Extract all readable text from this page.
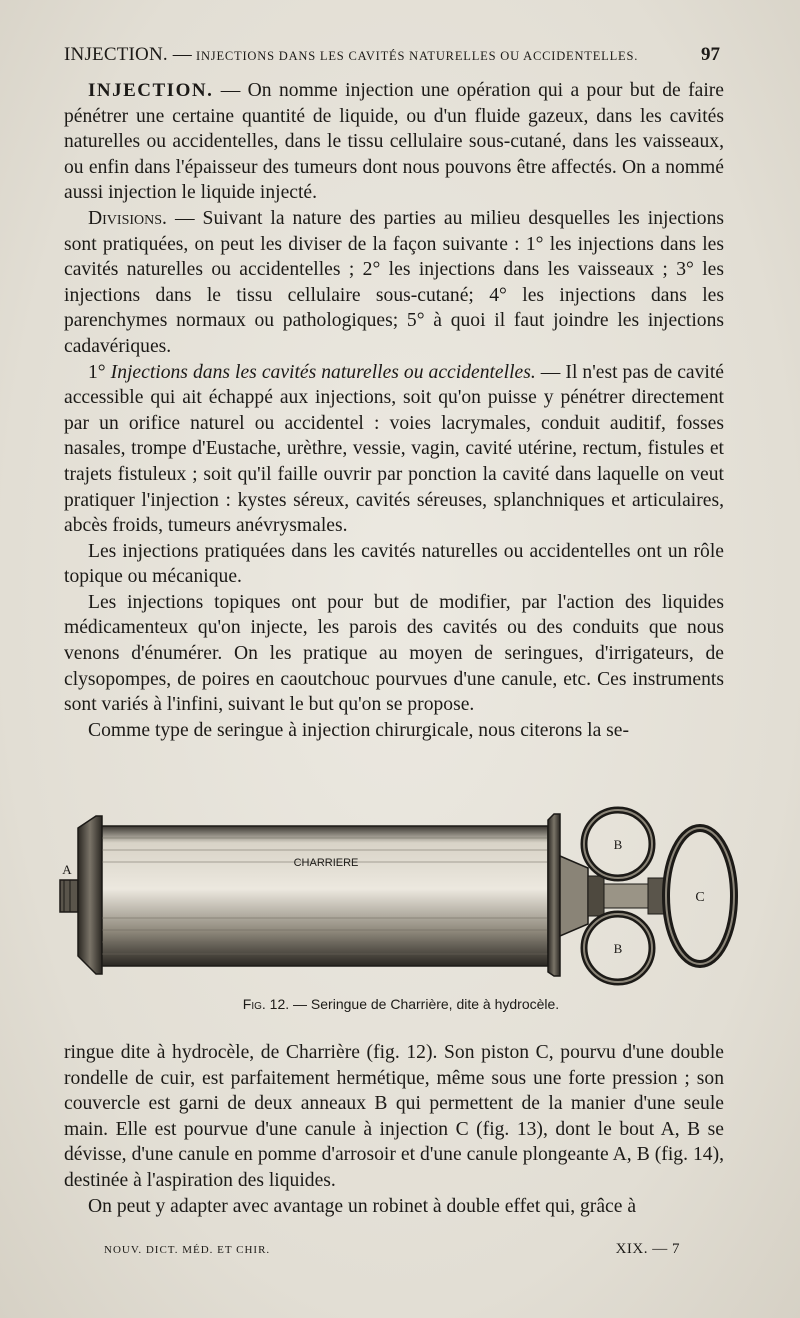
INJECTION. — INJECTIONS DANS LES CAVITÉS NATURELLES OU ACCIDENTELLES.	97

INJECTION. — On nomme injection une opération qui a pour but de faire pénétrer une certaine quantité de liquide, ou d'un fluide gazeux, dans les cavités naturelles ou accidentelles, dans le tissu cellulaire sous-cutané, dans les vaisseaux, ou enfin dans l'épaisseur des tumeurs dont nous pouvons être affectés. On a nommé aussi injection le liquide injecté.

Divisions. — Suivant la nature des parties au milieu desquelles les injections sont pratiquées, on peut les diviser de la façon suivante : 1° les injections dans les cavités naturelles ou accidentelles ; 2° les injections dans les vaisseaux ; 3° les injections dans le tissu cellulaire sous-cutané; 4° les injections dans les parenchymes normaux ou pathologiques; 5° à quoi il faut joindre les injections cadavériques.

1° Injections dans les cavités naturelles ou accidentelles. — Il n'est pas de cavité accessible qui ait échappé aux injections, soit qu'on puisse y pénétrer directement par un orifice naturel ou accidentel : voies lacrymales, conduit auditif, fosses nasales, trompe d'Eustache, urèthre, vessie, vagin, cavité utérine, rectum, fistules et trajets fistuleux ; soit qu'il faille ouvrir par ponction la cavité dans laquelle on veut pratiquer l'injection : kystes séreux, cavités séreuses, splanchniques et articulaires, abcès froids, tumeurs anévrysmales.

Les injections pratiquées dans les cavités naturelles ou accidentelles ont un rôle topique ou mécanique.

Les injections topiques ont pour but de modifier, par l'action des liquides médicamenteux qu'on injecte, les parois des cavités ou des conduits que nous venons d'énumérer. On les pratique au moyen de seringues, d'irrigateurs, de clysopompes, de poires en caoutchouc pourvues d'une canule, etc. Ces instruments sont variés à l'infini, suivant le but qu'on se propose.

Comme type de seringue à injection chirurgicale, nous citerons la se-

CHARRIERE
A
B
B
C
Fig. 12. — Seringue de Charrière, dite à hydrocèle.

ringue dite à hydrocèle, de Charrière (fig. 12). Son piston C, pourvu d'une double rondelle de cuir, est parfaitement hermétique, même sous une forte pression ; son couvercle est garni de deux anneaux B qui permettent de la manier d'une seule main. Elle est pourvue d'une canule à injection C (fig. 13), dont le bout A, B se dévisse, d'une canule en pomme d'arrosoir et d'une canule plongeante A, B (fig. 14), destinée à l'aspiration des liquides.

On peut y adapter avec avantage un robinet à double effet qui, grâce à

NOUV. DICT. MÉD. ET CHIR.	XIX. — 7
